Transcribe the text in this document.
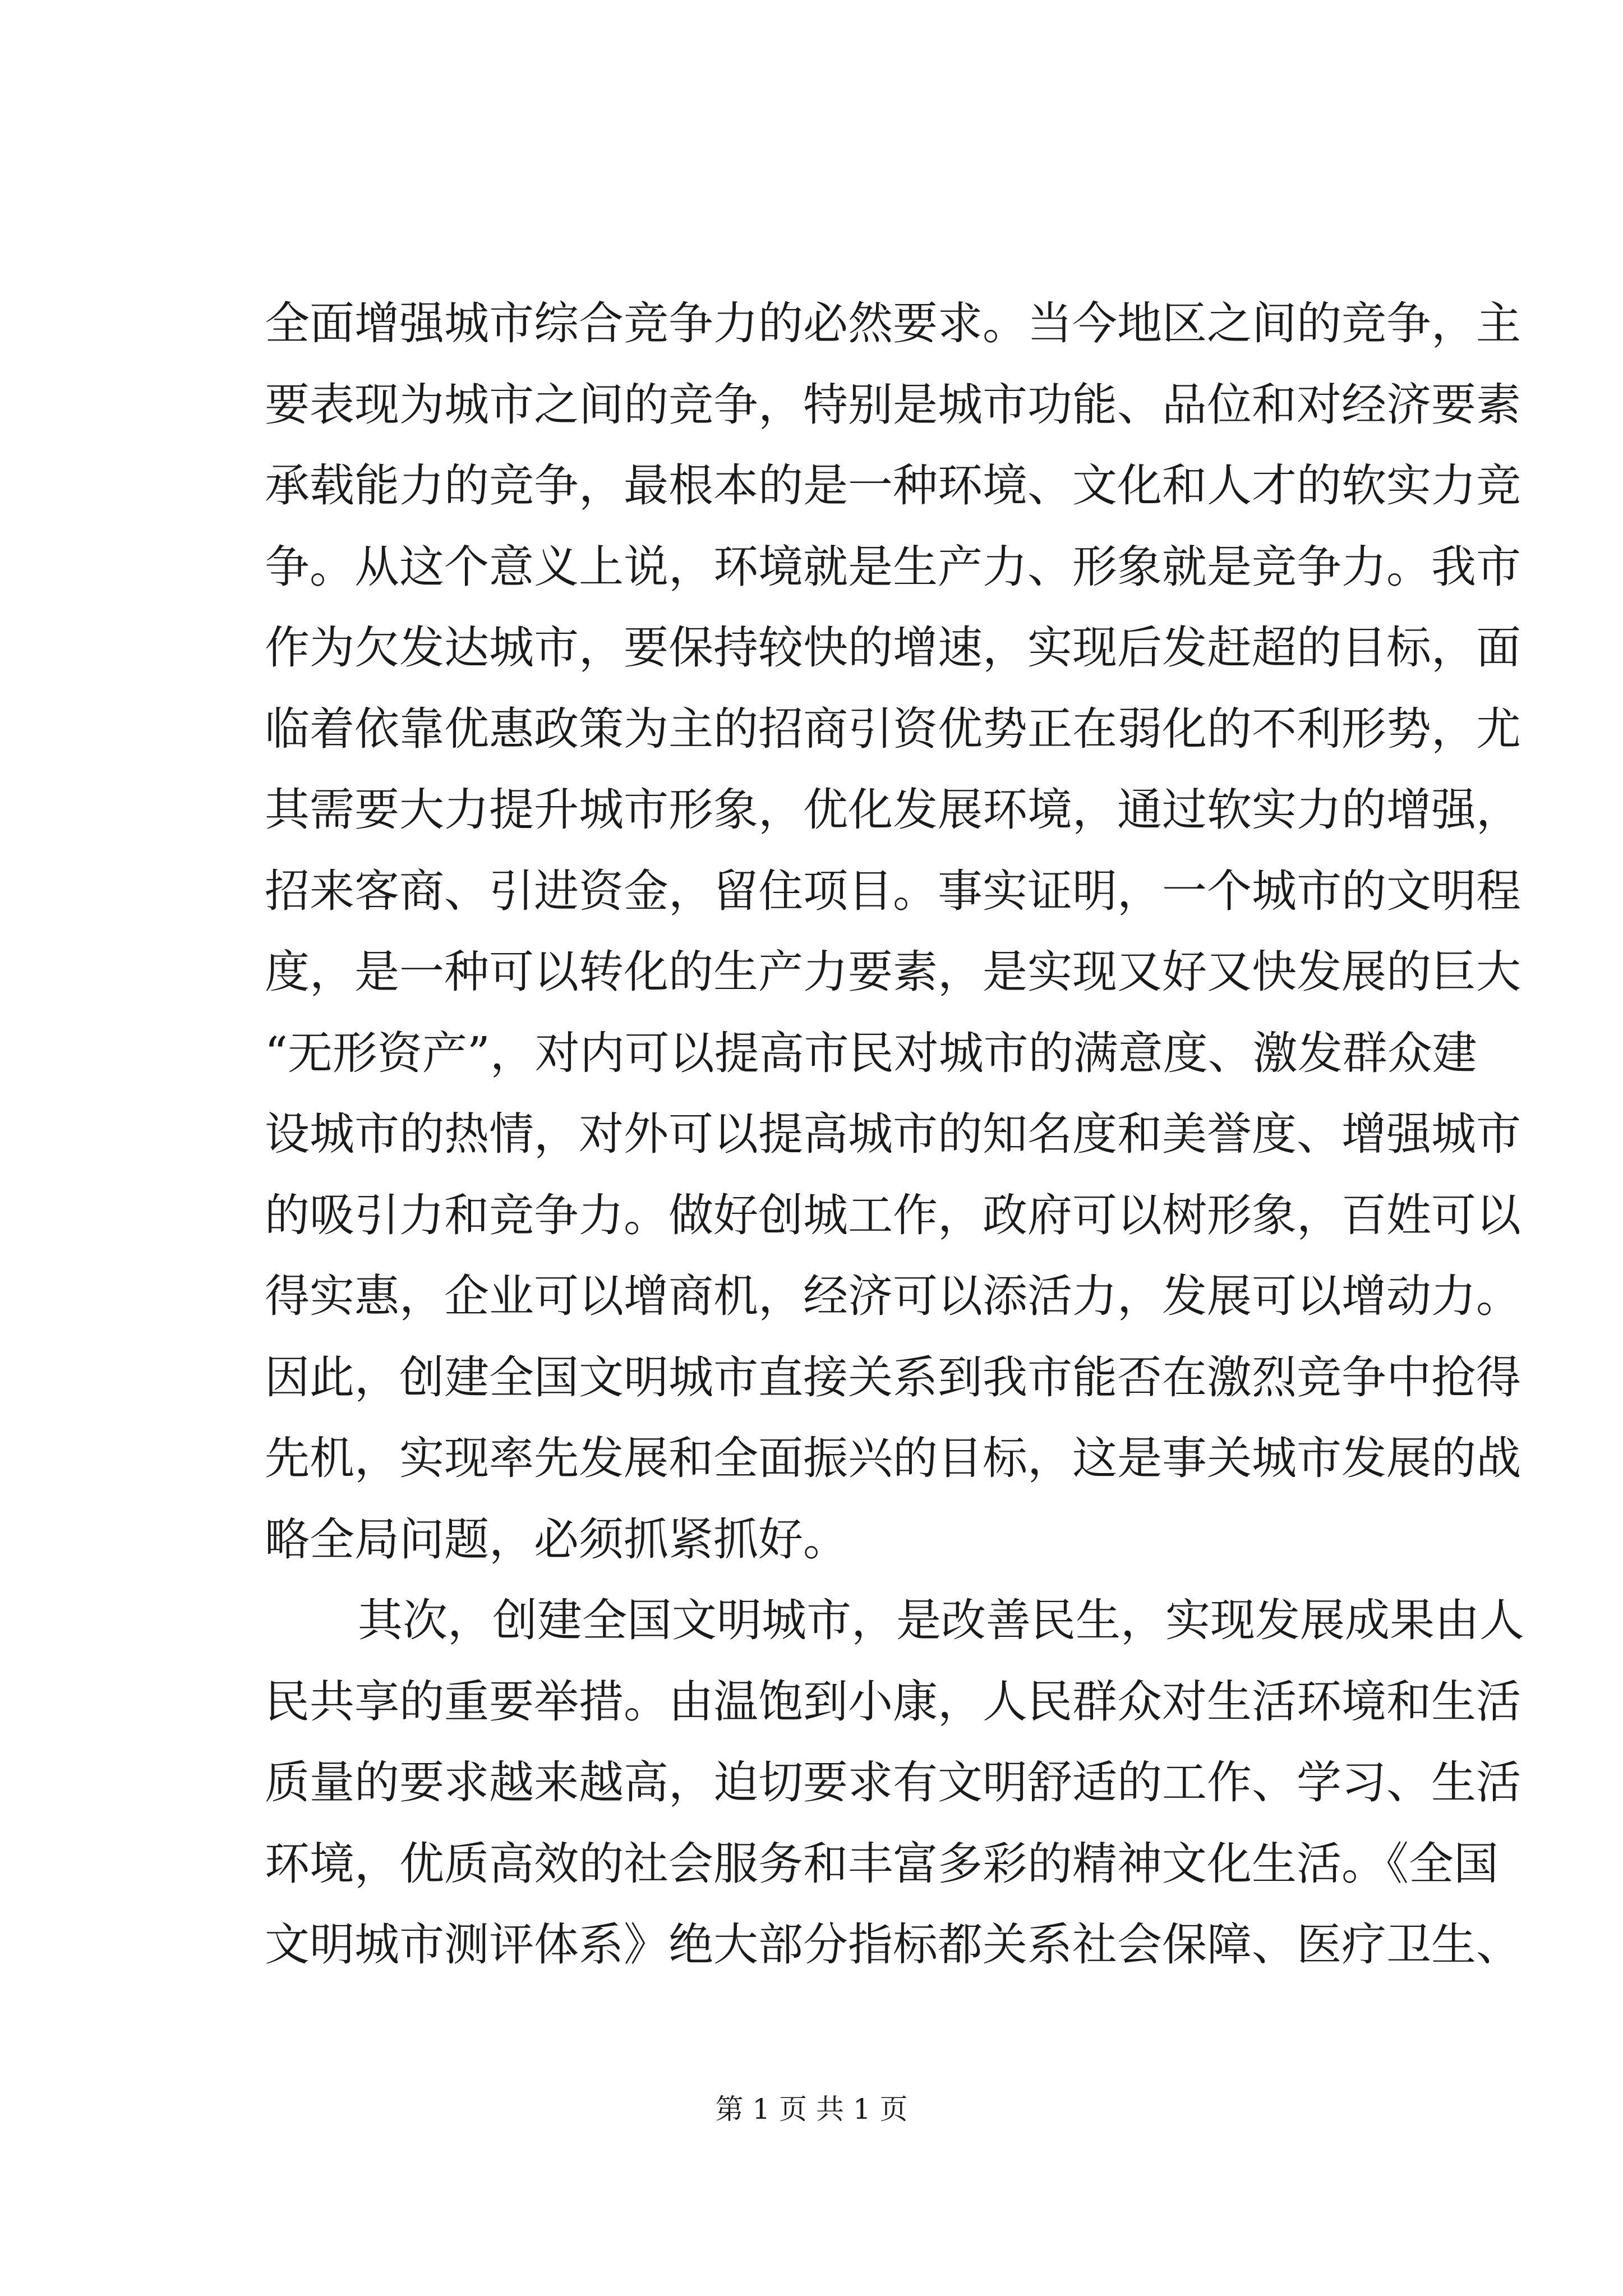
全面增强城市综合竞争力的必然要求。当今地区之间的竞争，主
要表现为城市之间的竞争，特别是城市功能、品位和对经济要素
承载能力的竞争，最根本的是一种环境、文化和人才的软实力竞
争。从这个意义上说，环境就是生产力、形象就是竞争力。我市
作为欠发达城市，要保持较快的增速，实现后发赶超的目标，面
临着依靠优惠政策为主的招商引资优势正在弱化的不利形势，尤
其需要大力提升城市形象，优化发展环境，通过软实力的增强，
招来客商、引进资金，留住项目。事实证明，一个城市的文明程
度，是一种可以转化的生产力要素，是实现又好又快发展的巨大
“无形资产”，对内可以提高市民对城市的满意度、激发群众建
设城市的热情，对外可以提高城市的知名度和美誉度、增强城市
的吸引力和竞争力。做好创城工作，政府可以树形象，百姓可以
得实惠，企业可以增商机，经济可以添活力，发展可以增动力。
因此，创建全国文明城市直接关系到我市能否在激烈竞争中抢得
先机，实现率先发展和全面振兴的目标，这是事关城市发展的战
略全局问题，必须抓紧抓好。
其次，创建全国文明城市，是改善民生，实现发展成果由人
民共享的重要举措。由温饱到小康，人民群众对生活环境和生活
质量的要求越来越高，迫切要求有文明舒适的工作、学习、生活
环境，优质高效的社会服务和丰富多彩的精神文化生活。《全国
文明城市测评体系》绝大部分指标都关系社会保障、医疗卫生、
第 1 页 共 1 页
